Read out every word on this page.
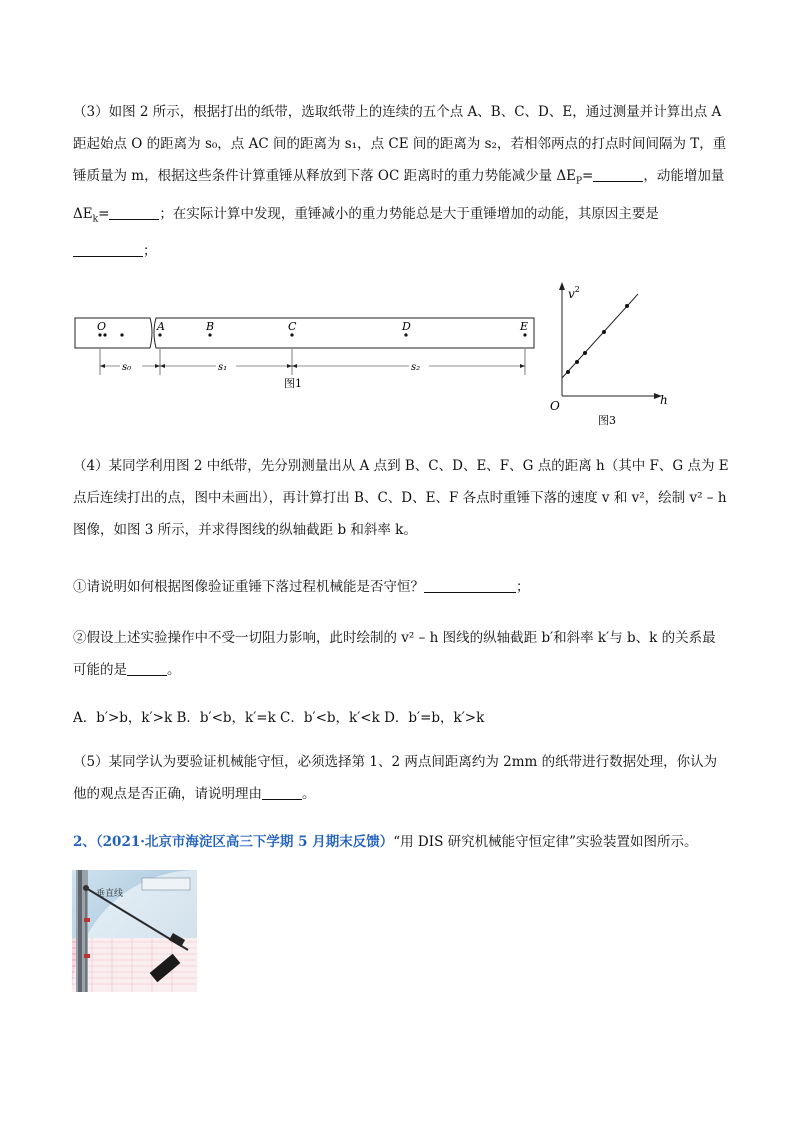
（3）如图 2 所示，根据打出的纸带，选取纸带上的连续的五个点 A、B、C、D、E，通过测量并计算出点 A
距起始点 O 的距离为 s₀，点 AC 间的距离为 s₁，点 CE 间的距离为 s₂，若相邻两点的打点时间间隔为 T，重
锤质量为 m，根据这些条件计算重锤从释放到下落 OC 距离时的重力势能减少量 $\Delta E_P=$	，动能增加量
$\Delta E_k=$	；在实际计算中发现，重锤减小的重力势能总是大于重锤增加的动能，其原因主要是
；
O	A	B	C	D	E
s₀	s₁	s₂
图1
$v^2$
h
O
图3
（4）某同学利用图 2 中纸带，先分别测量出从 A 点到 B、C、D、E、F、G 点的距离 h（其中 F、G 点为 E
点后连续打出的点，图中未画出），再计算打出 B、C、D、E、F 各点时重锤下落的速度 v 和 v²，绘制 v² – h
图像，如图 3 所示，并求得图线的纵轴截距 b 和斜率 k。
①请说明如何根据图像验证重锤下落过程机械能是否守恒？	；
②假设上述实验操作中不受一切阻力影响，此时绘制的 v² – h 图线的纵轴截距 b′和斜率 k′与 b、k 的关系最
可能的是	。
A．b′>b，k′>k B．b′<b，k′=k C．b′<b，k′<k D．b′=b，k′>k
（5）某同学认为要验证机械能守恒，必须选择第 1、2 两点间距离约为 2mm 的纸带进行数据处理，你认为
他的观点是否正确，请说明理由	。
2、（2021·北京市海淀区高三下学期 5 月期末反馈）“用 DIS 研究机械能守恒定律”实验装置如图所示。
垂直线
